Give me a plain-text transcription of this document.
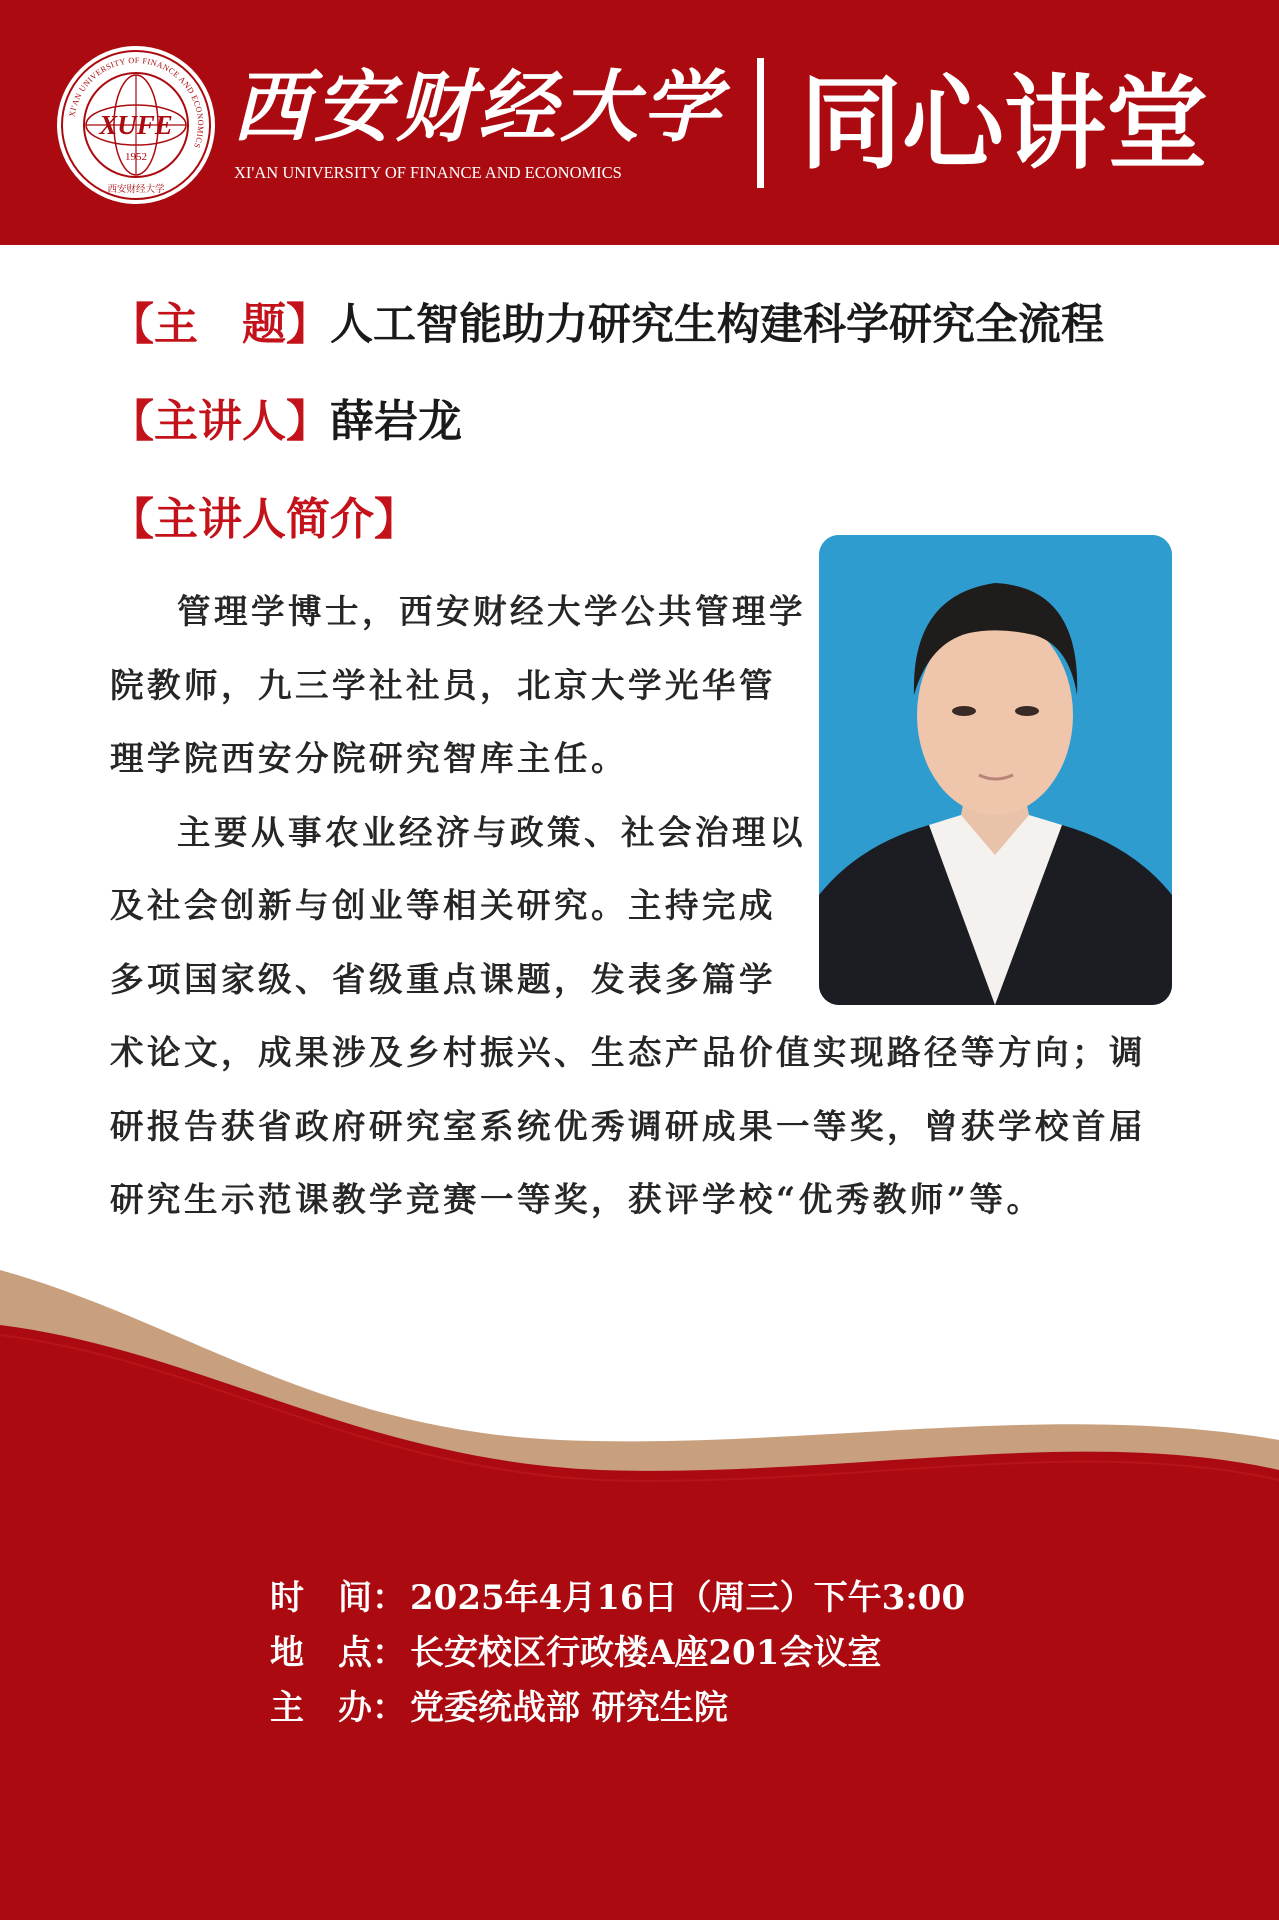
XI'AN UNIVERSITY OF FINANCE AND ECONOMICS
XUFE
1952
西安财经大学
西安财经大学
XI'AN UNIVERSITY OF FINANCE AND ECONOMICS	同心讲堂
【主　题】人工智能助力研究生构建科学研究全流程
【主讲人】薛岩龙
【主讲人简介】

管理学博士，西安财经大学公共管理学院教师，九三学社社员，北京大学光华管理学院西安分院研究智库主任。

主要从事农业经济与政策、社会治理以及社会创新与创业等相关研究。主持完成多项国家级、省级重点课题，发表多篇学术论文，成果涉及乡村振兴、生态产品价值实现路径等方向；调研报告获省政府研究室系统优秀调研成果一等奖，曾获学校首届研究生示范课教学竞赛一等奖，获评学校“优秀教师”等。

时　间： 2025年4月16日（周三）下午3:00
地　点： 长安校区行政楼A座201会议室
主　办： 党委统战部 研究生院
